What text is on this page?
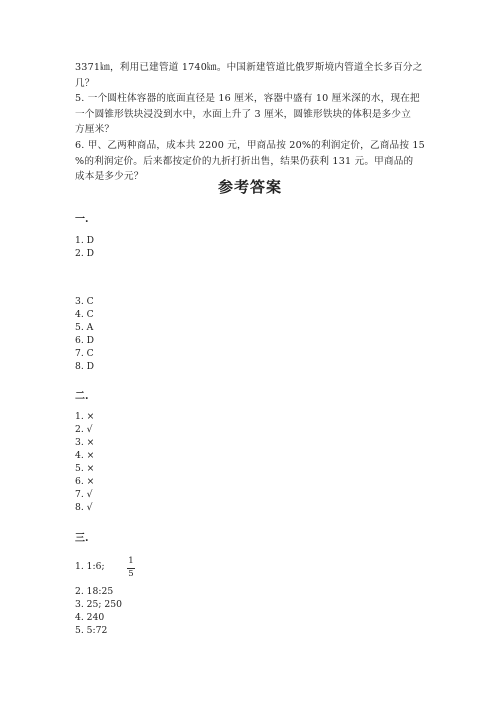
3371㎞，利用已建管道 1740㎞。中国新建管道比俄罗斯境内管道全长多百分之
几？
5. 一个圆柱体容器的底面直径是 16 厘米，容器中盛有 10 厘米深的水，现在把
一个圆锥形铁块浸没到水中，水面上升了 3 厘米，圆锥形铁块的体积是多少立
方厘米？
6. 甲、乙两种商品，成本共 2200 元，甲商品按 20%的利润定价，乙商品按 15
%的利润定价。后来都按定价的九折打折出售，结果仍获利 131 元。甲商品的
成本是多少元？
参考答案
一.
1. D
2. D
3. C
4. C
5. A
6. D
7. C
8. D
二.
1. ×
2. √
3. ×
4. ×
5. ×
6. ×
7. √
8. √
三.
1. 1:6;	1
5
2. 18:25
3. 25; 250
4. 240
5. 5:72
